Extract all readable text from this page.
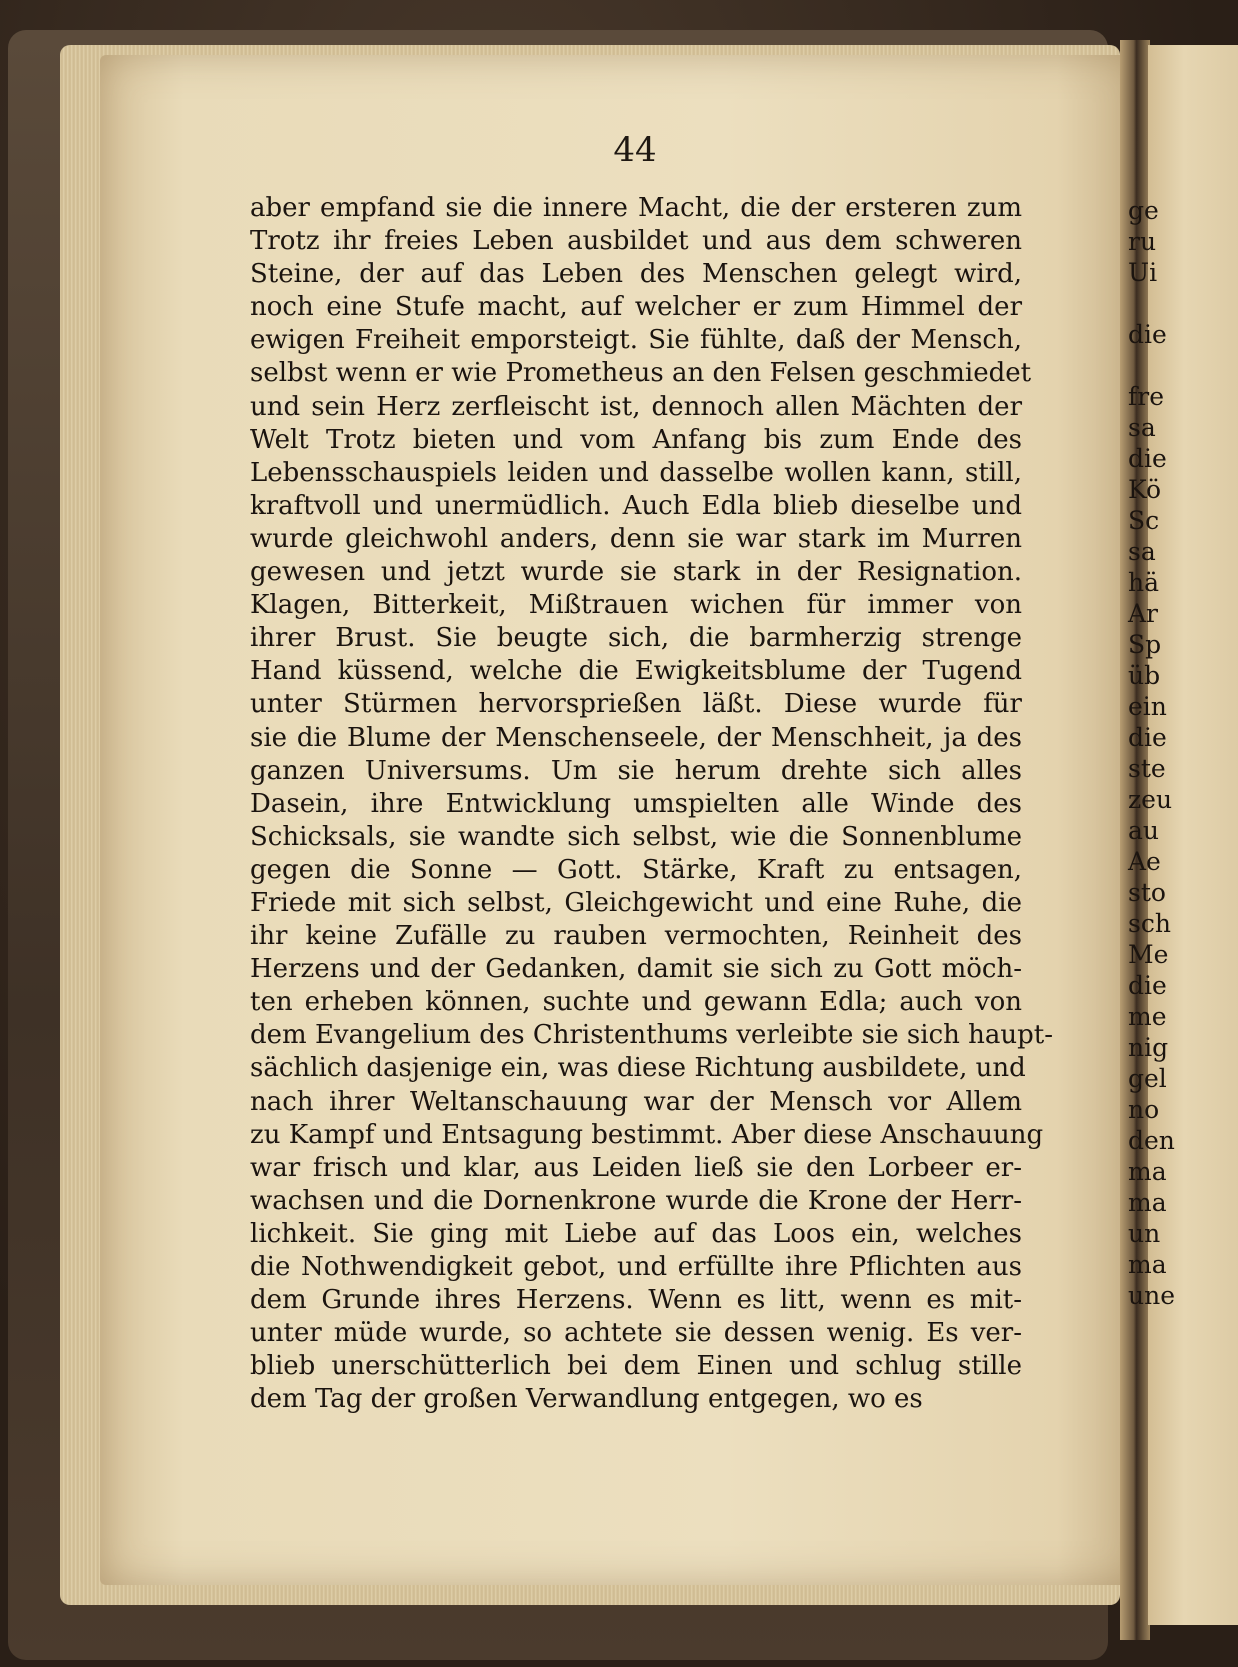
44
aber empfand sie die innere Macht, die der ersteren zum
Trotz ihr freies Leben ausbildet und aus dem schweren
Steine, der auf das Leben des Menschen gelegt wird,
noch eine Stufe macht, auf welcher er zum Himmel der
ewigen Freiheit emporsteigt. Sie fühlte, daß der Mensch,
selbst wenn er wie Prometheus an den Felsen geschmiedet
und sein Herz zerfleischt ist, dennoch allen Mächten der
Welt Trotz bieten und vom Anfang bis zum Ende des
Lebensschauspiels leiden und dasselbe wollen kann, still,
kraftvoll und unermüdlich. Auch Edla blieb dieselbe und
wurde gleichwohl anders, denn sie war stark im Murren
gewesen und jetzt wurde sie stark in der Resignation.
Klagen, Bitterkeit, Mißtrauen wichen für immer von
ihrer Brust. Sie beugte sich, die barmherzig strenge
Hand küssend, welche die Ewigkeitsblume der Tugend
unter Stürmen hervorsprießen läßt. Diese wurde für
sie die Blume der Menschenseele, der Menschheit, ja des
ganzen Universums. Um sie herum drehte sich alles
Dasein, ihre Entwicklung umspielten alle Winde des
Schicksals, sie wandte sich selbst, wie die Sonnenblume
gegen die Sonne — Gott. Stärke, Kraft zu entsagen,
Friede mit sich selbst, Gleichgewicht und eine Ruhe, die
ihr keine Zufälle zu rauben vermochten, Reinheit des
Herzens und der Gedanken, damit sie sich zu Gott möch-
ten erheben können, suchte und gewann Edla; auch von
dem Evangelium des Christenthums verleibte sie sich haupt-
sächlich dasjenige ein, was diese Richtung ausbildete, und
nach ihrer Weltanschauung war der Mensch vor Allem
zu Kampf und Entsagung bestimmt. Aber diese Anschauung
war frisch und klar, aus Leiden ließ sie den Lorbeer er-
wachsen und die Dornenkrone wurde die Krone der Herr-
lichkeit. Sie ging mit Liebe auf das Loos ein, welches
die Nothwendigkeit gebot, und erfüllte ihre Pflichten aus
dem Grunde ihres Herzens. Wenn es litt, wenn es mit-
unter müde wurde, so achtete sie dessen wenig. Es ver-
blieb unerschütterlich bei dem Einen und schlug stille
dem Tag der großen Verwandlung entgegen, wo es
ge
ru
Ui
die
fre
sa
die
Kö
Sc
sa
hä
Ar
Sp
üb
ein
die
ste
zeu
au
Ae
sto
sch
Me
die
me
nig
gel
no
den
ma
ma
un
ma
une
